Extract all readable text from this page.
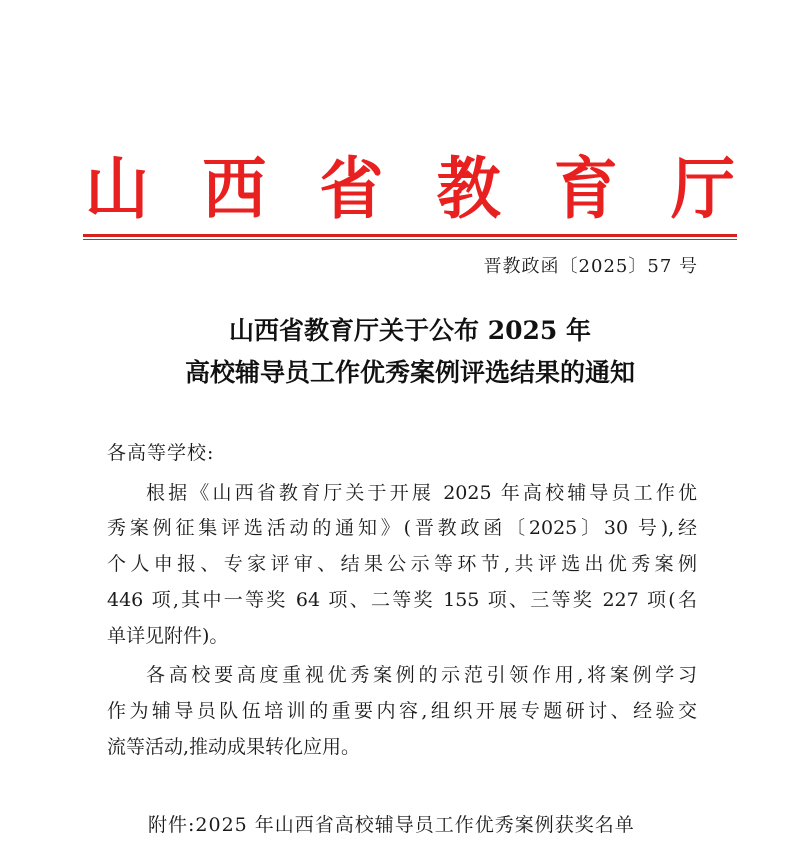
山 西 省 教 育 厅
晋教政函〔2025〕57 号
山西省教育厅关于公布 2025 年
高校辅导员工作优秀案例评选结果的通知
各高等学校:
根据《山西省教育厅关于开展 2025 年高校辅导员工作优
秀案例征集评选活动的通知》(晋教政函〔2025〕30 号),经
个人申报、专家评审、结果公示等环节,共评选出优秀案例
446 项,其中一等奖 64 项、二等奖 155 项、三等奖 227 项(名
单详见附件)。
各高校要高度重视优秀案例的示范引领作用,将案例学习
作为辅导员队伍培训的重要内容,组织开展专题研讨、经验交
流等活动,推动成果转化应用。
附件:2025 年山西省高校辅导员工作优秀案例获奖名单
